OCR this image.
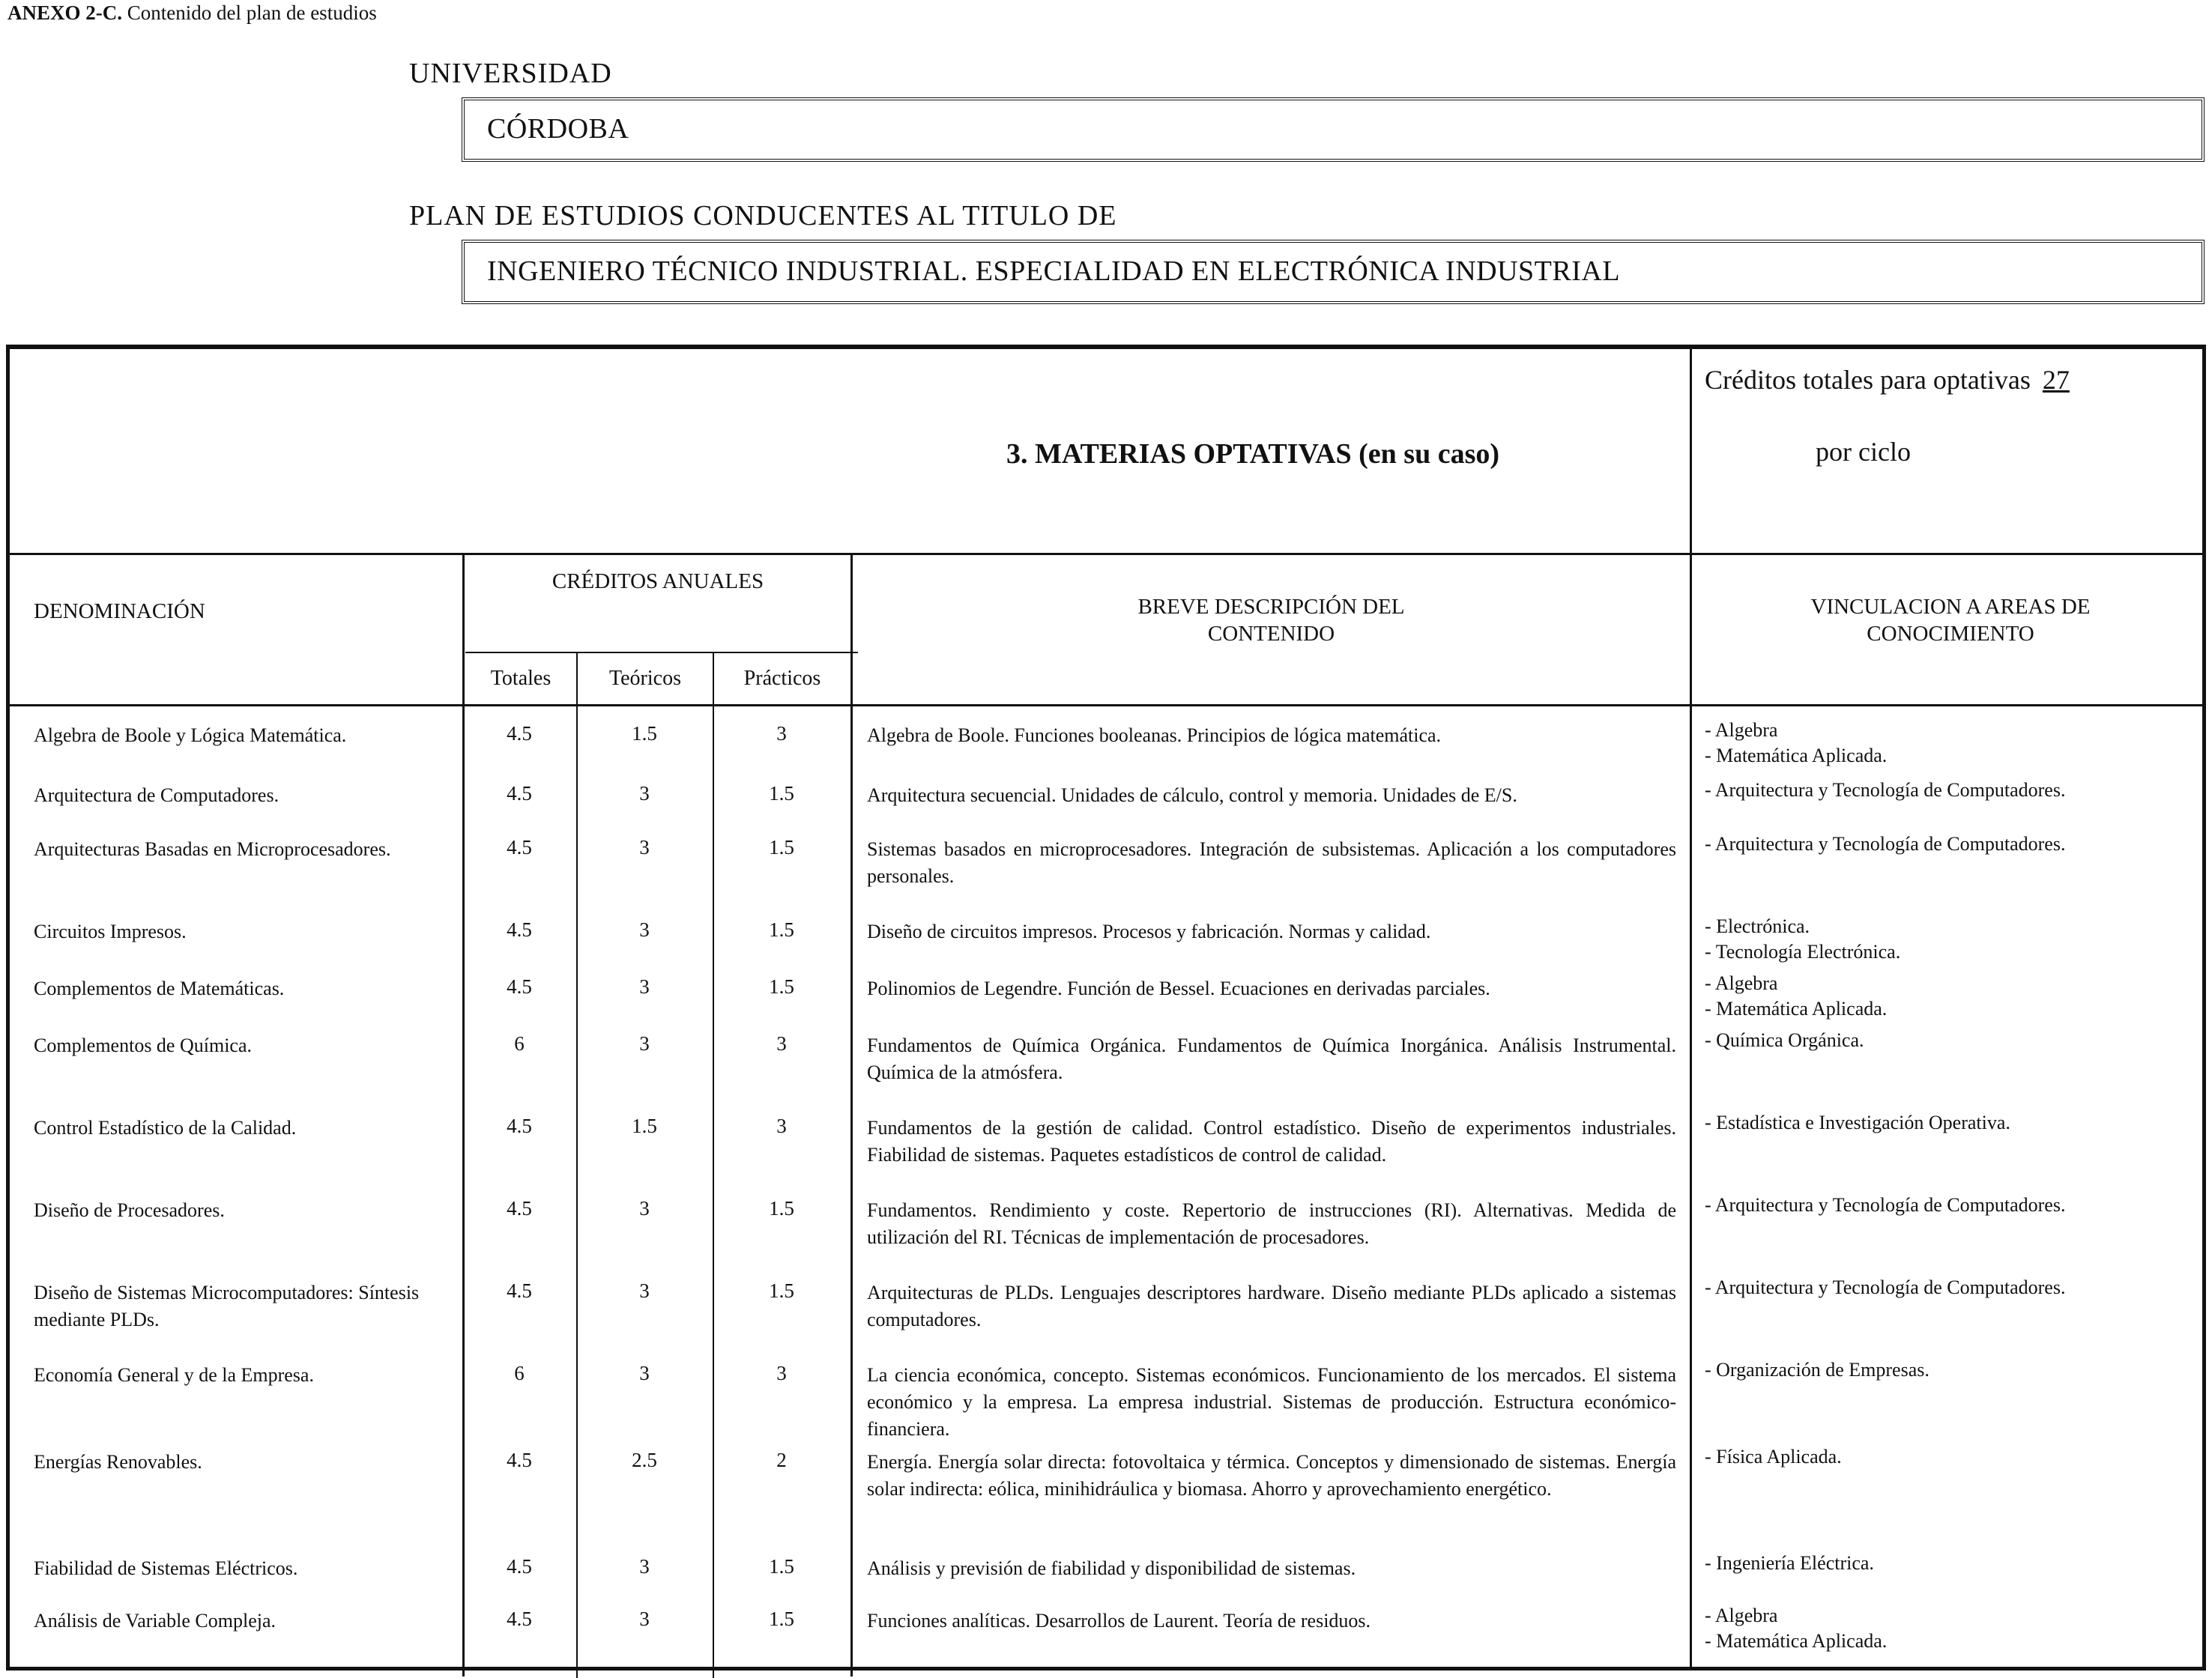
ANEXO 2-C. Contenido del plan de estudios
UNIVERSIDAD
CÓRDOBA
PLAN DE ESTUDIOS CONDUCENTES AL TITULO DE
INGENIERO TÉCNICO INDUSTRIAL. ESPECIALIDAD EN ELECTRÓNICA INDUSTRIAL
3. MATERIAS OPTATIVAS (en su caso)
Créditos totales para optativas 27
por ciclo
DENOMINACIÓN
CRÉDITOS ANUALES
Totales	Teóricos	Prácticos
BREVE DESCRIPCIÓN DEL
CONTENIDO
VINCULACION A AREAS DE
CONOCIMIENTO
Algebra de Boole y Lógica Matemática.	4.5	1.5	3	Algebra de Boole. Funciones booleanas. Principios de lógica matemática.	- Algebra
- Matemática Aplicada.
Arquitectura de Computadores.	4.5	3	1.5	Arquitectura secuencial. Unidades de cálculo, control y memoria. Unidades de E/S.	- Arquitectura y Tecnología de Computadores.
Arquitecturas Basadas en Microprocesadores.	4.5	3	1.5	Sistemas basados en microprocesadores. Integración de subsistemas. Aplicación a los computadores personales.
- Arquitectura y Tecnología de Computadores.
Circuitos Impresos.	4.5	3	1.5	Diseño de circuitos impresos. Procesos y fabricación. Normas y calidad.	- Electrónica.
- Tecnología Electrónica.
Complementos de Matemáticas.	4.5	3	1.5	Polinomios de Legendre. Función de Bessel. Ecuaciones en derivadas parciales.	- Algebra
- Matemática Aplicada.
Complementos de Química.	6	3	3	Fundamentos de Química Orgánica. Fundamentos de Química Inorgánica. Análisis Instrumental. Química de la atmósfera.
- Química Orgánica.
Control Estadístico de la Calidad.	4.5	1.5	3	Fundamentos de la gestión de calidad. Control estadístico. Diseño de experimentos industriales. Fiabilidad de sistemas. Paquetes estadísticos de control de calidad.
- Estadística e Investigación Operativa.
Diseño de Procesadores.	4.5	3	1.5	Fundamentos. Rendimiento y coste. Repertorio de instrucciones (RI). Alternativas. Medida de utilización del RI. Técnicas de implementación de procesadores.
- Arquitectura y Tecnología de Computadores.
Diseño de Sistemas Microcomputadores: Síntesis mediante PLDs.
4.5	3	1.5	Arquitecturas de PLDs. Lenguajes descriptores hardware. Diseño mediante PLDs aplicado a sistemas computadores.
- Arquitectura y Tecnología de Computadores.
Economía General y de la Empresa.	6	3	3	La ciencia económica, concepto. Sistemas económicos. Funcionamiento de los mercados. El sistema económico y la empresa. La empresa industrial. Sistemas de producción. Estructura económico-financiera.
- Organización de Empresas.
Energías Renovables.	4.5	2.5	2	Energía. Energía solar directa: fotovoltaica y térmica. Conceptos y dimensionado de sistemas. Energía solar indirecta: eólica, minihidráulica y biomasa. Ahorro y aprovechamiento energético.
- Física Aplicada.
Fiabilidad de Sistemas Eléctricos.	4.5	3	1.5	Análisis y previsión de fiabilidad y disponibilidad de sistemas.	- Ingeniería Eléctrica.
Análisis de Variable Compleja.	4.5	3	1.5	Funciones analíticas. Desarrollos de Laurent. Teoría de residuos.	- Algebra
- Matemática Aplicada.
